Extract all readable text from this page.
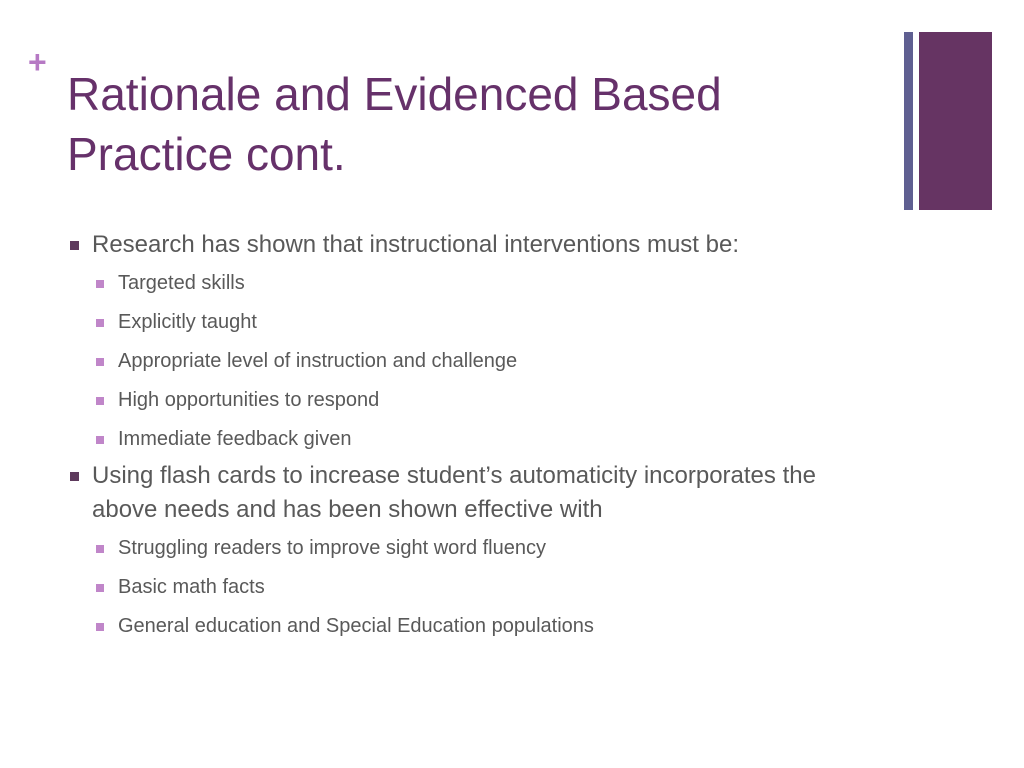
+
Rationale and Evidenced Based Practice cont.
Research has shown that instructional interventions must be:
Targeted skills
Explicitly taught
Appropriate level of instruction and challenge
High opportunities to respond
Immediate feedback given
Using flash cards to increase student’s automaticity incorporates the above needs and has been shown effective with
Struggling readers to improve sight word fluency
Basic math facts
General education and Special Education populations
